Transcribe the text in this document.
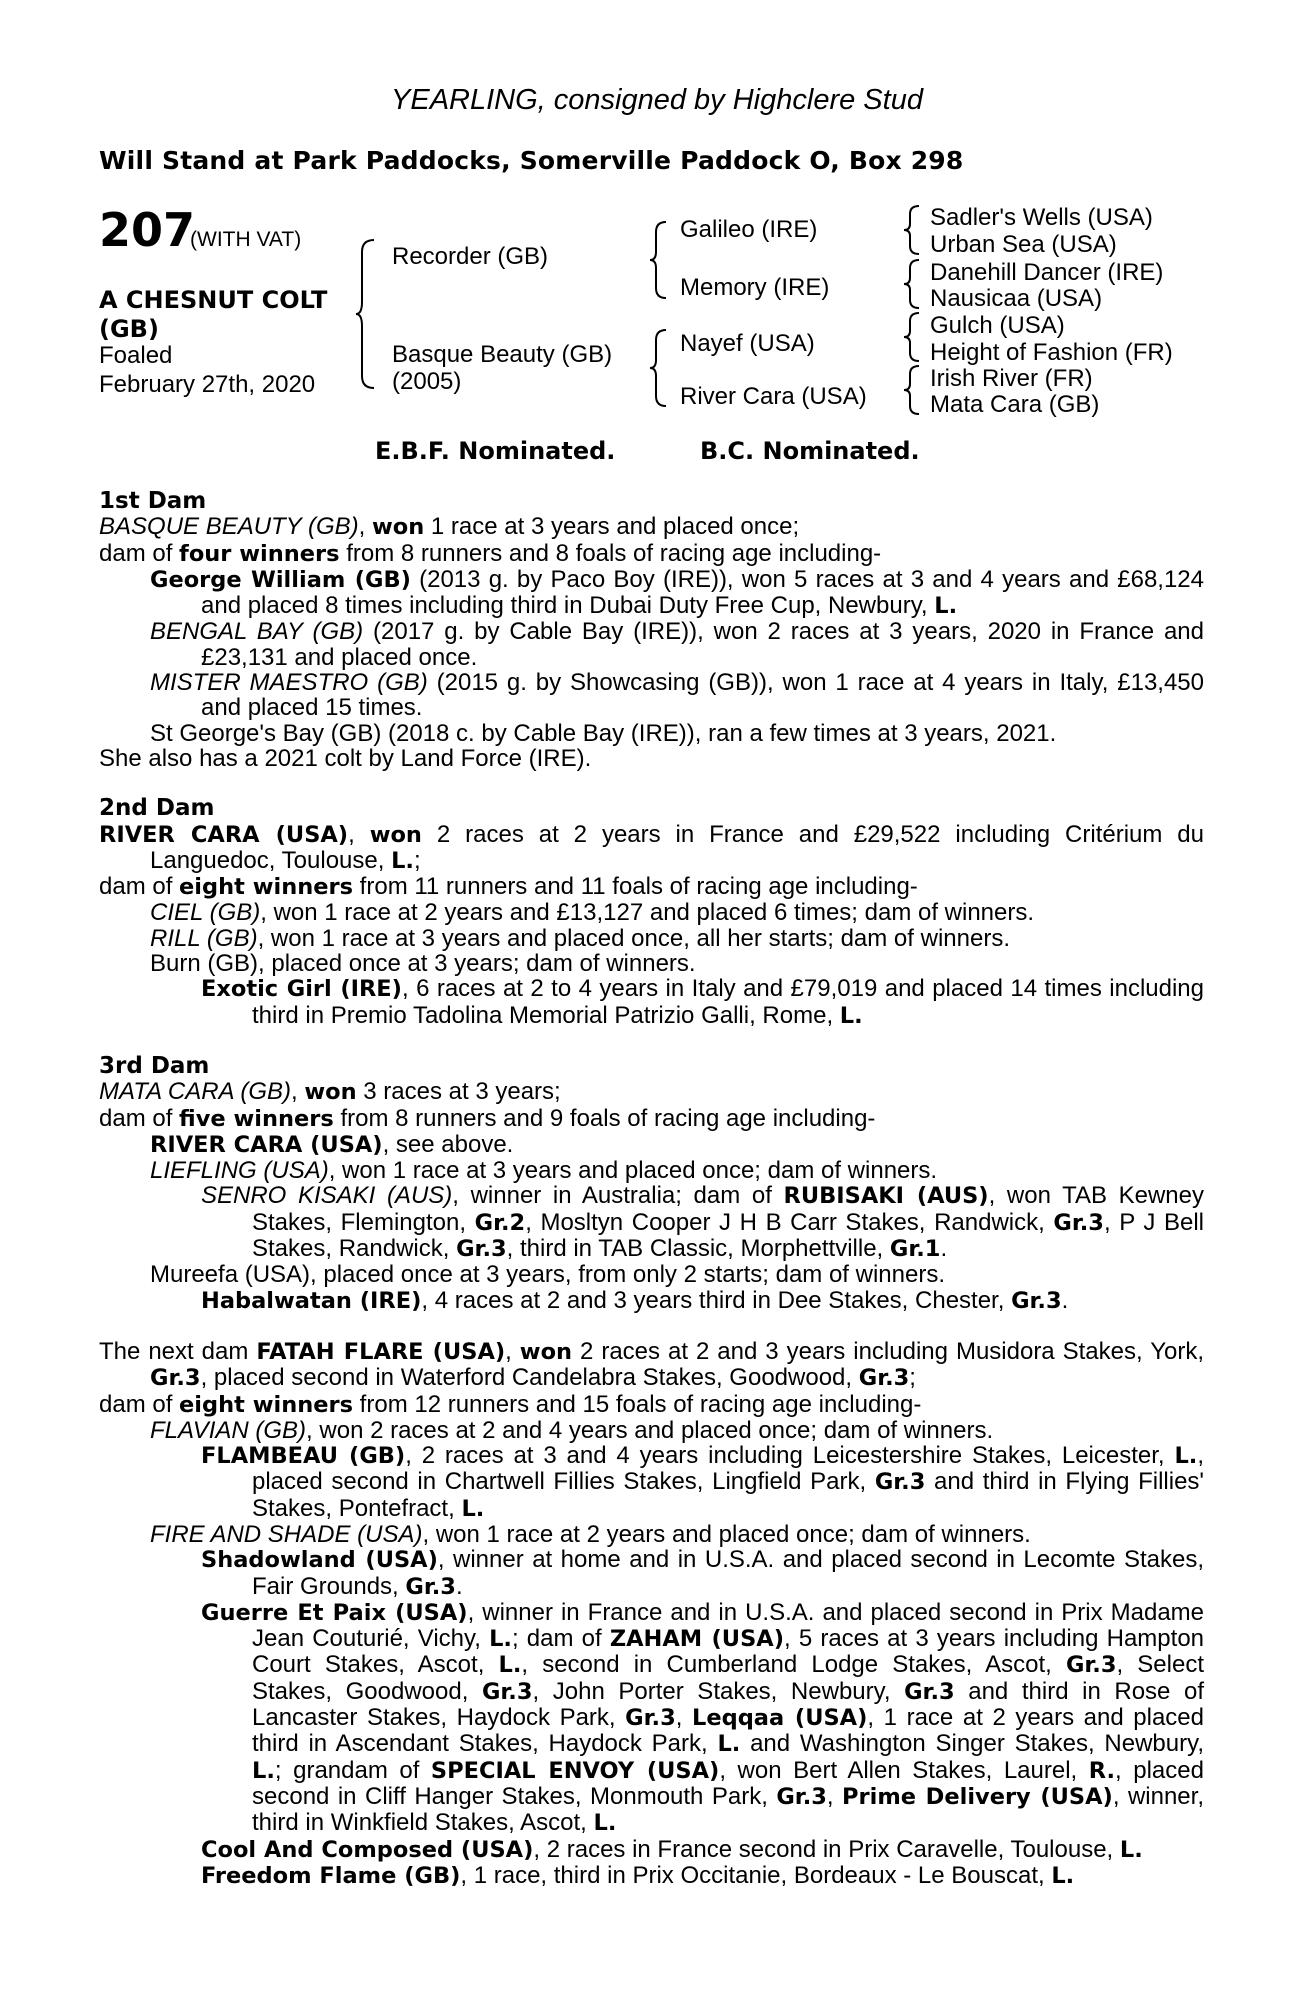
YEARLING, consigned by Highclere Stud
Will Stand at Park Paddocks, Somerville Paddock O, Box 298
207
(WITH VAT)
A CHESNUT COLT (GB)
Foaled
February 27th, 2020
Recorder (GB)
Basque Beauty (GB)
(2005)
Galileo (IRE)
Memory (IRE)
Nayef (USA)
River Cara (USA)
Sadler's Wells (USA)
Urban Sea (USA)
Danehill Dancer (IRE)
Nausicaa (USA)
Gulch (USA)
Height of Fashion (FR)
Irish River (FR)
Mata Cara (GB)
E.B.F. Nominated.	B.C. Nominated.
1st Dam
BASQUE BEAUTY (GB), won 1 race at 3 years and placed once;
dam of four winners from 8 runners and 8 foals of racing age including-
George William (GB) (2013 g. by Paco Boy (IRE)), won 5 races at 3 and 4 years and £68,124 and placed 8 times including third in Dubai Duty Free Cup, Newbury, L.
BENGAL BAY (GB) (2017 g. by Cable Bay (IRE)), won 2 races at 3 years, 2020 in France and £23,131 and placed once.
MISTER MAESTRO (GB) (2015 g. by Showcasing (GB)), won 1 race at 4 years in Italy, £13,450 and placed 15 times.
St George's Bay (GB) (2018 c. by Cable Bay (IRE)), ran a few times at 3 years, 2021.
She also has a 2021 colt by Land Force (IRE).
2nd Dam
RIVER CARA (USA), won 2 races at 2 years in France and £29,522 including Critérium du Languedoc, Toulouse, L.;
dam of eight winners from 11 runners and 11 foals of racing age including-
CIEL (GB), won 1 race at 2 years and £13,127 and placed 6 times; dam of winners.
RILL (GB), won 1 race at 3 years and placed once, all her starts; dam of winners.
Burn (GB), placed once at 3 years; dam of winners.
Exotic Girl (IRE), 6 races at 2 to 4 years in Italy and £79,019 and placed 14 times including third in Premio Tadolina Memorial Patrizio Galli, Rome, L.
3rd Dam
MATA CARA (GB), won 3 races at 3 years;
dam of five winners from 8 runners and 9 foals of racing age including-
RIVER CARA (USA), see above.
LIEFLING (USA), won 1 race at 3 years and placed once; dam of winners.
SENRO KISAKI (AUS), winner in Australia; dam of RUBISAKI (AUS), won TAB Kewney Stakes, Flemington, Gr.2, Mosltyn Cooper J H B Carr Stakes, Randwick, Gr.3, P J Bell Stakes, Randwick, Gr.3, third in TAB Classic, Morphettville, Gr.1.
Mureefa (USA), placed once at 3 years, from only 2 starts; dam of winners.
Habalwatan (IRE), 4 races at 2 and 3 years third in Dee Stakes, Chester, Gr.3.
The next dam FATAH FLARE (USA), won 2 races at 2 and 3 years including Musidora Stakes, York, Gr.3, placed second in Waterford Candelabra Stakes, Goodwood, Gr.3;
dam of eight winners from 12 runners and 15 foals of racing age including-
FLAVIAN (GB), won 2 races at 2 and 4 years and placed once; dam of winners.
FLAMBEAU (GB), 2 races at 3 and 4 years including Leicestershire Stakes, Leicester, L., placed second in Chartwell Fillies Stakes, Lingfield Park, Gr.3 and third in Flying Fillies' Stakes, Pontefract, L.
FIRE AND SHADE (USA), won 1 race at 2 years and placed once; dam of winners.
Shadowland (USA), winner at home and in U.S.A. and placed second in Lecomte Stakes, Fair Grounds, Gr.3.
Guerre Et Paix (USA), winner in France and in U.S.A. and placed second in Prix Madame Jean Couturié, Vichy, L.; dam of ZAHAM (USA), 5 races at 3 years including Hampton Court Stakes, Ascot, L., second in Cumberland Lodge Stakes, Ascot, Gr.3, Select Stakes, Goodwood, Gr.3, John Porter Stakes, Newbury, Gr.3 and third in Rose of Lancaster Stakes, Haydock Park, Gr.3, Leqqaa (USA), 1 race at 2 years and placed third in Ascendant Stakes, Haydock Park, L. and Washington Singer Stakes, Newbury, L.; grandam of SPECIAL ENVOY (USA), won Bert Allen Stakes, Laurel, R., placed second in Cliff Hanger Stakes, Monmouth Park, Gr.3, Prime Delivery (USA), winner, third in Winkfield Stakes, Ascot, L.
Cool And Composed (USA), 2 races in France second in Prix Caravelle, Toulouse, L.
Freedom Flame (GB), 1 race, third in Prix Occitanie, Bordeaux - Le Bouscat, L.
